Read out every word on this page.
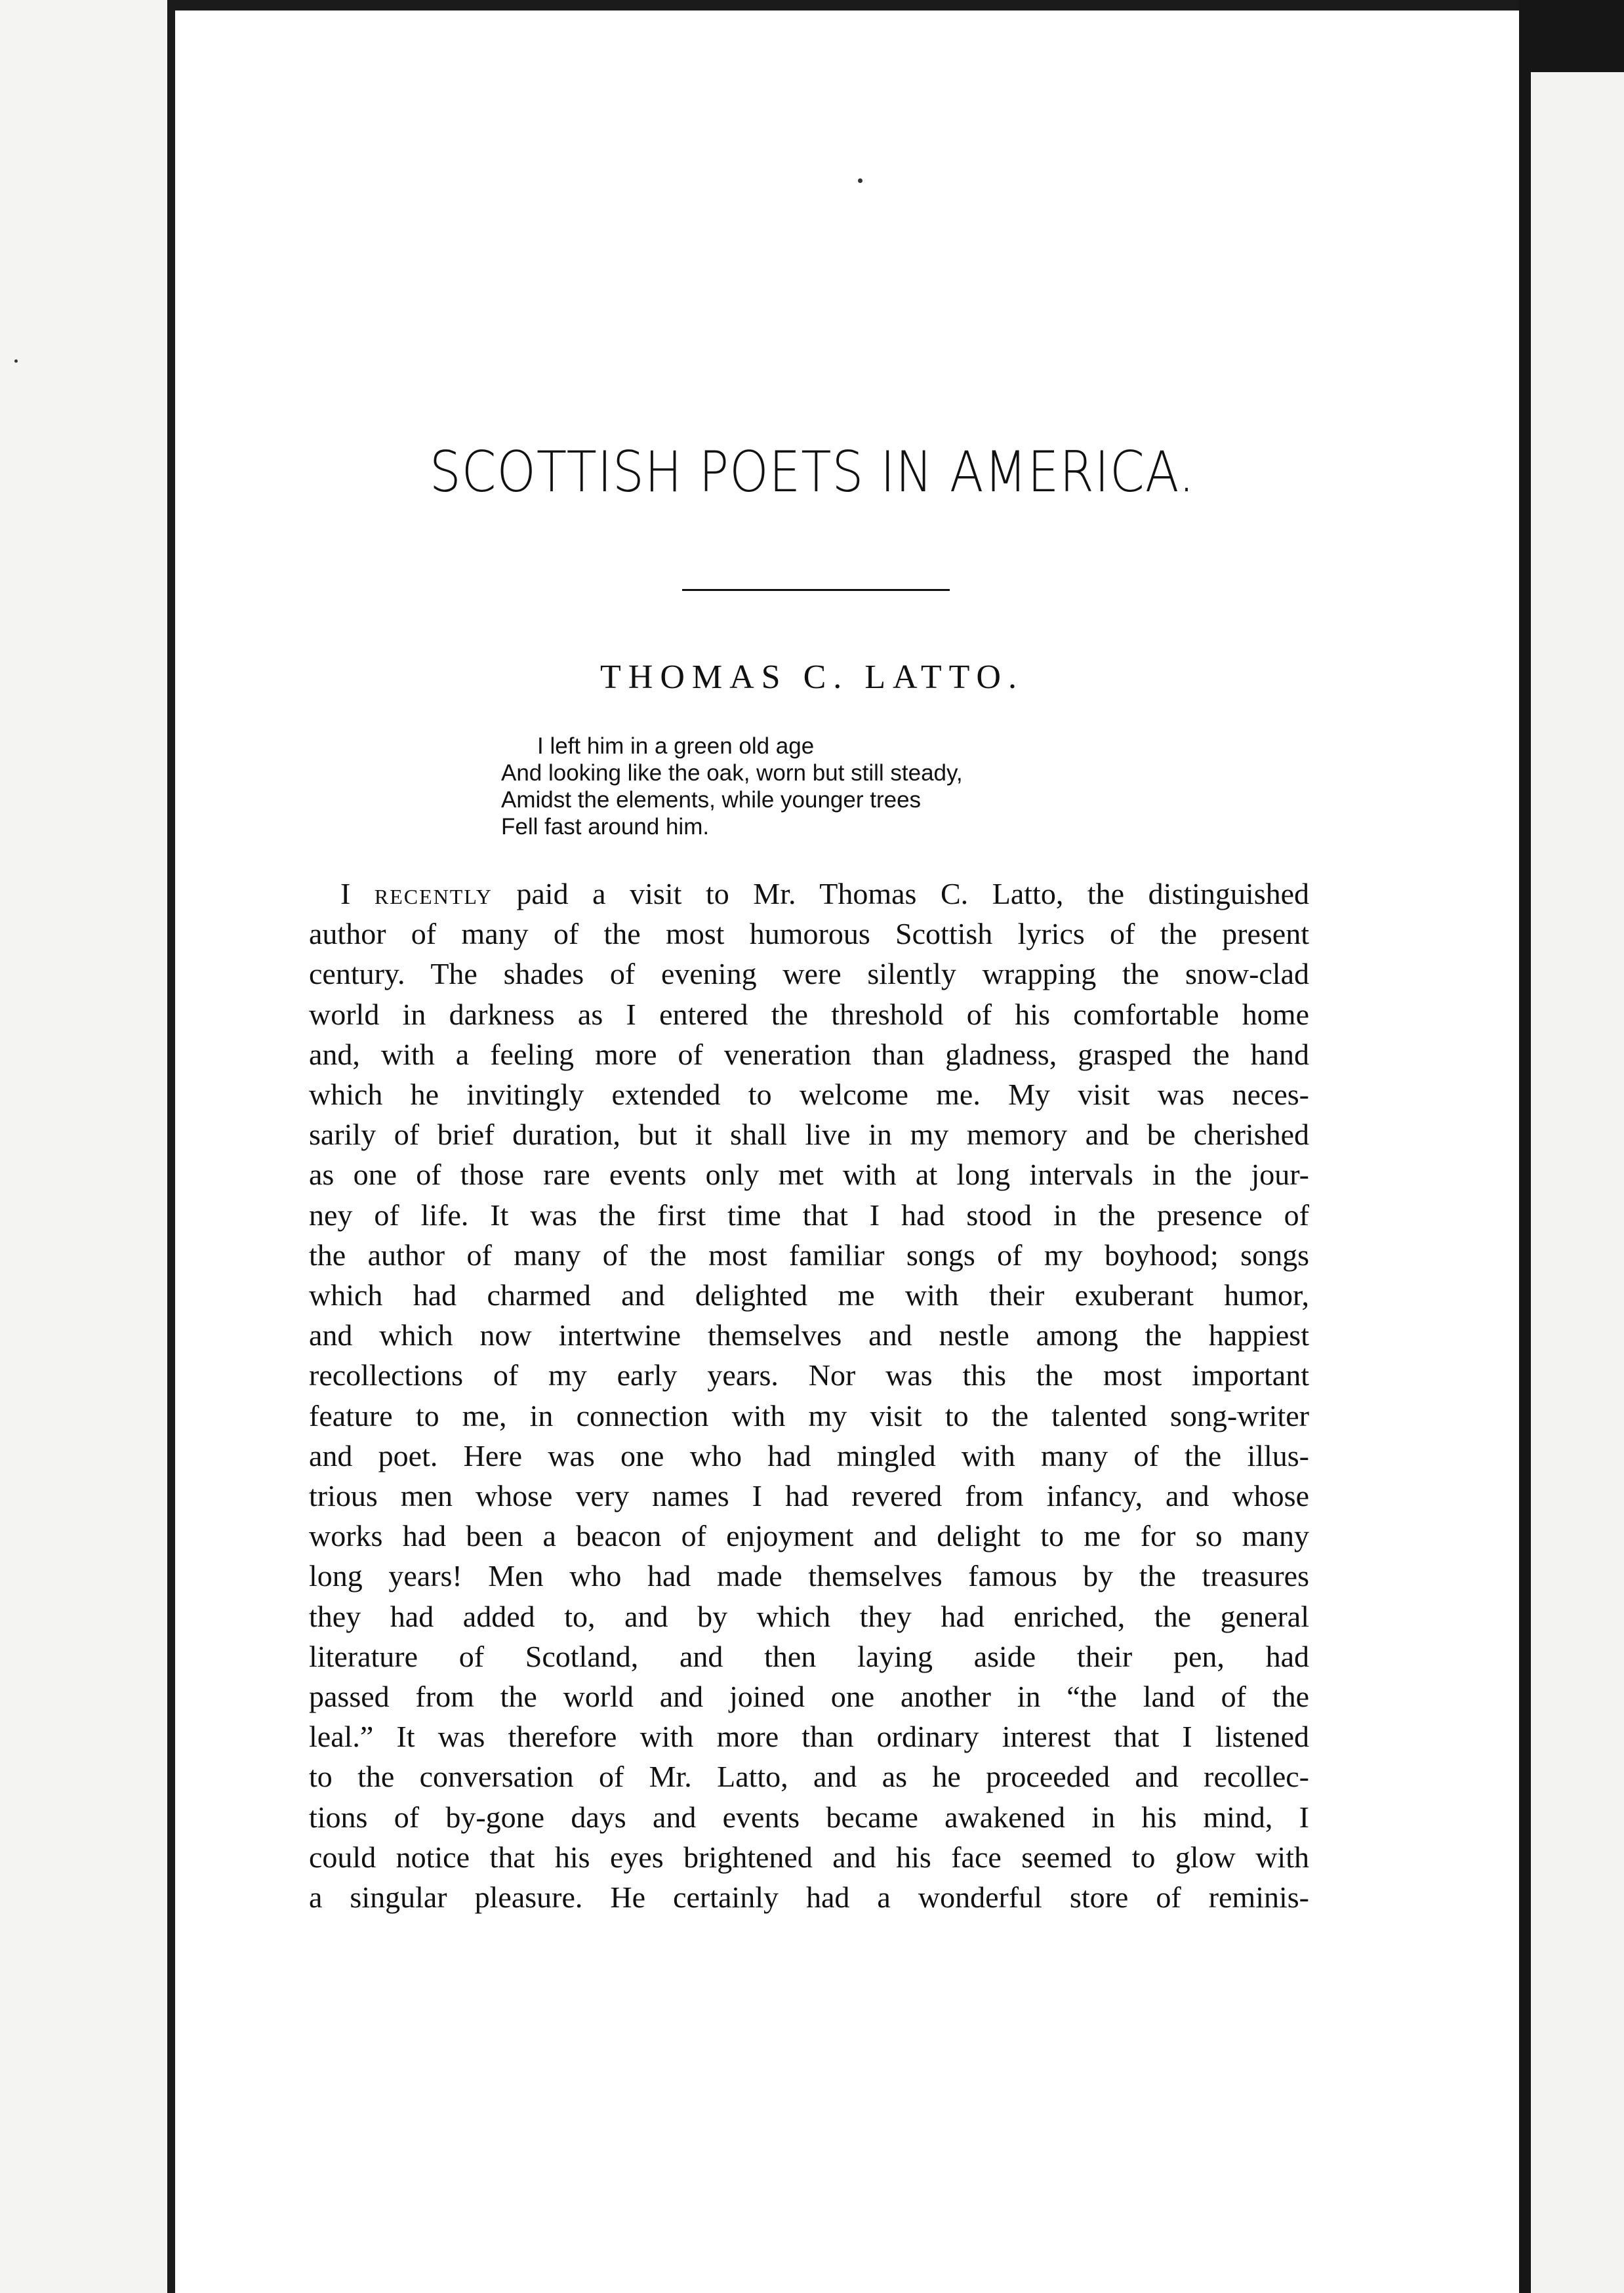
SCOTTISH POETS IN AMERICA.
THOMAS C. LATTO.
I left him in a green old age
And looking like the oak, worn but still steady,
Amidst the elements, while younger trees
Fell fast around him.
I recently paid a visit to Mr. Thomas C. Latto, the distinguished
author of many of the most humorous Scottish lyrics of the present
century. The shades of evening were silently wrapping the snow-clad
world in darkness as I entered the threshold of his comfortable home
and, with a feeling more of veneration than gladness, grasped the hand
which he invitingly extended to welcome me. My visit was neces-
sarily of brief duration, but it shall live in my memory and be cherished
as one of those rare events only met with at long intervals in the jour-
ney of life. It was the first time that I had stood in the presence of
the author of many of the most familiar songs of my boyhood; songs
which had charmed and delighted me with their exuberant humor,
and which now intertwine themselves and nestle among the happiest
recollections of my early years. Nor was this the most important
feature to me, in connection with my visit to the talented song-writer
and poet. Here was one who had mingled with many of the illus-
trious men whose very names I had revered from infancy, and whose
works had been a beacon of enjoyment and delight to me for so many
long years! Men who had made themselves famous by the treasures
they had added to, and by which they had enriched, the general
literature of Scotland, and then laying aside their pen, had
passed from the world and joined one another in “the land of the
leal.” It was therefore with more than ordinary interest that I listened
to the conversation of Mr. Latto, and as he proceeded and recollec-
tions of by-gone days and events became awakened in his mind, I
could notice that his eyes brightened and his face seemed to glow with
a singular pleasure. He certainly had a wonderful store of reminis-
